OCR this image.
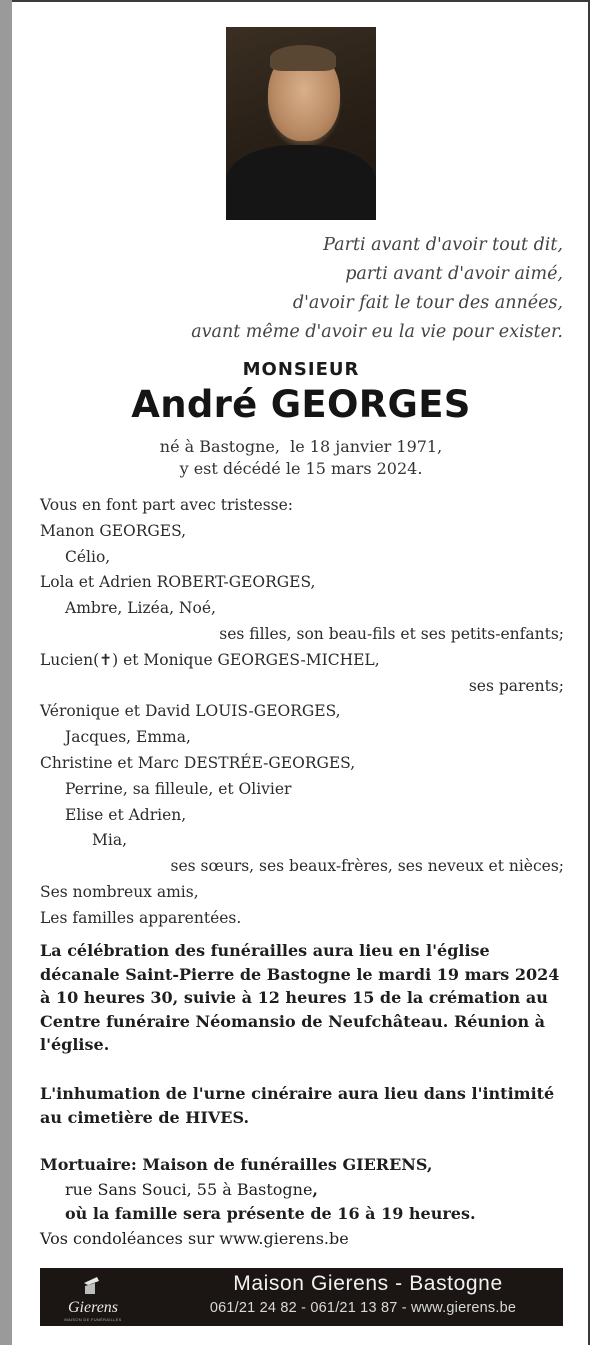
Parti avant d'avoir tout dit,
parti avant d'avoir aimé,
d'avoir fait le tour des années,
avant même d'avoir eu la vie pour exister.
MONSIEUR
André GEORGES
né à Bastogne,  le 18 janvier 1971,
y est décédé le 15 mars 2024.
Vous en font part avec tristesse:
Manon GEORGES,
Célio,
Lola et Adrien ROBERT-GEORGES,
Ambre, Lizéa, Noé,
ses filles, son beau-fils et ses petits-enfants;
Lucien(✝) et Monique GEORGES-MICHEL,
ses parents;
Véronique et David LOUIS-GEORGES,
Jacques, Emma,
Christine et Marc DESTRÉE-GEORGES,
Perrine, sa filleule, et Olivier
Elise et Adrien,
Mia,
ses sœurs, ses beaux-frères, ses neveux et nièces;
Ses nombreux amis,
Les familles apparentées.
La célébration des funérailles aura lieu en l'église décanale Saint-Pierre de Bastogne le mardi 19 mars 2024 à 10 heures 30, suivie à 12 heures 15 de la crémation au Centre funéraire Néomansio de Neufchâteau. Réunion à l'église.
L'inhumation de l'urne cinéraire aura lieu dans l'intimité au cimetière de HIVES.
Mortuaire: Maison de funérailles GIERENS,
rue Sans Souci, 55 à Bastogne,
où la famille sera présente de 16 à 19 heures.
Vos condoléances sur www.gierens.be
Gierens
MAISON DE FUNÉRAILLES
Maison Gierens - Bastogne
061/21 24 82 - 061/21 13 87 - www.gierens.be
